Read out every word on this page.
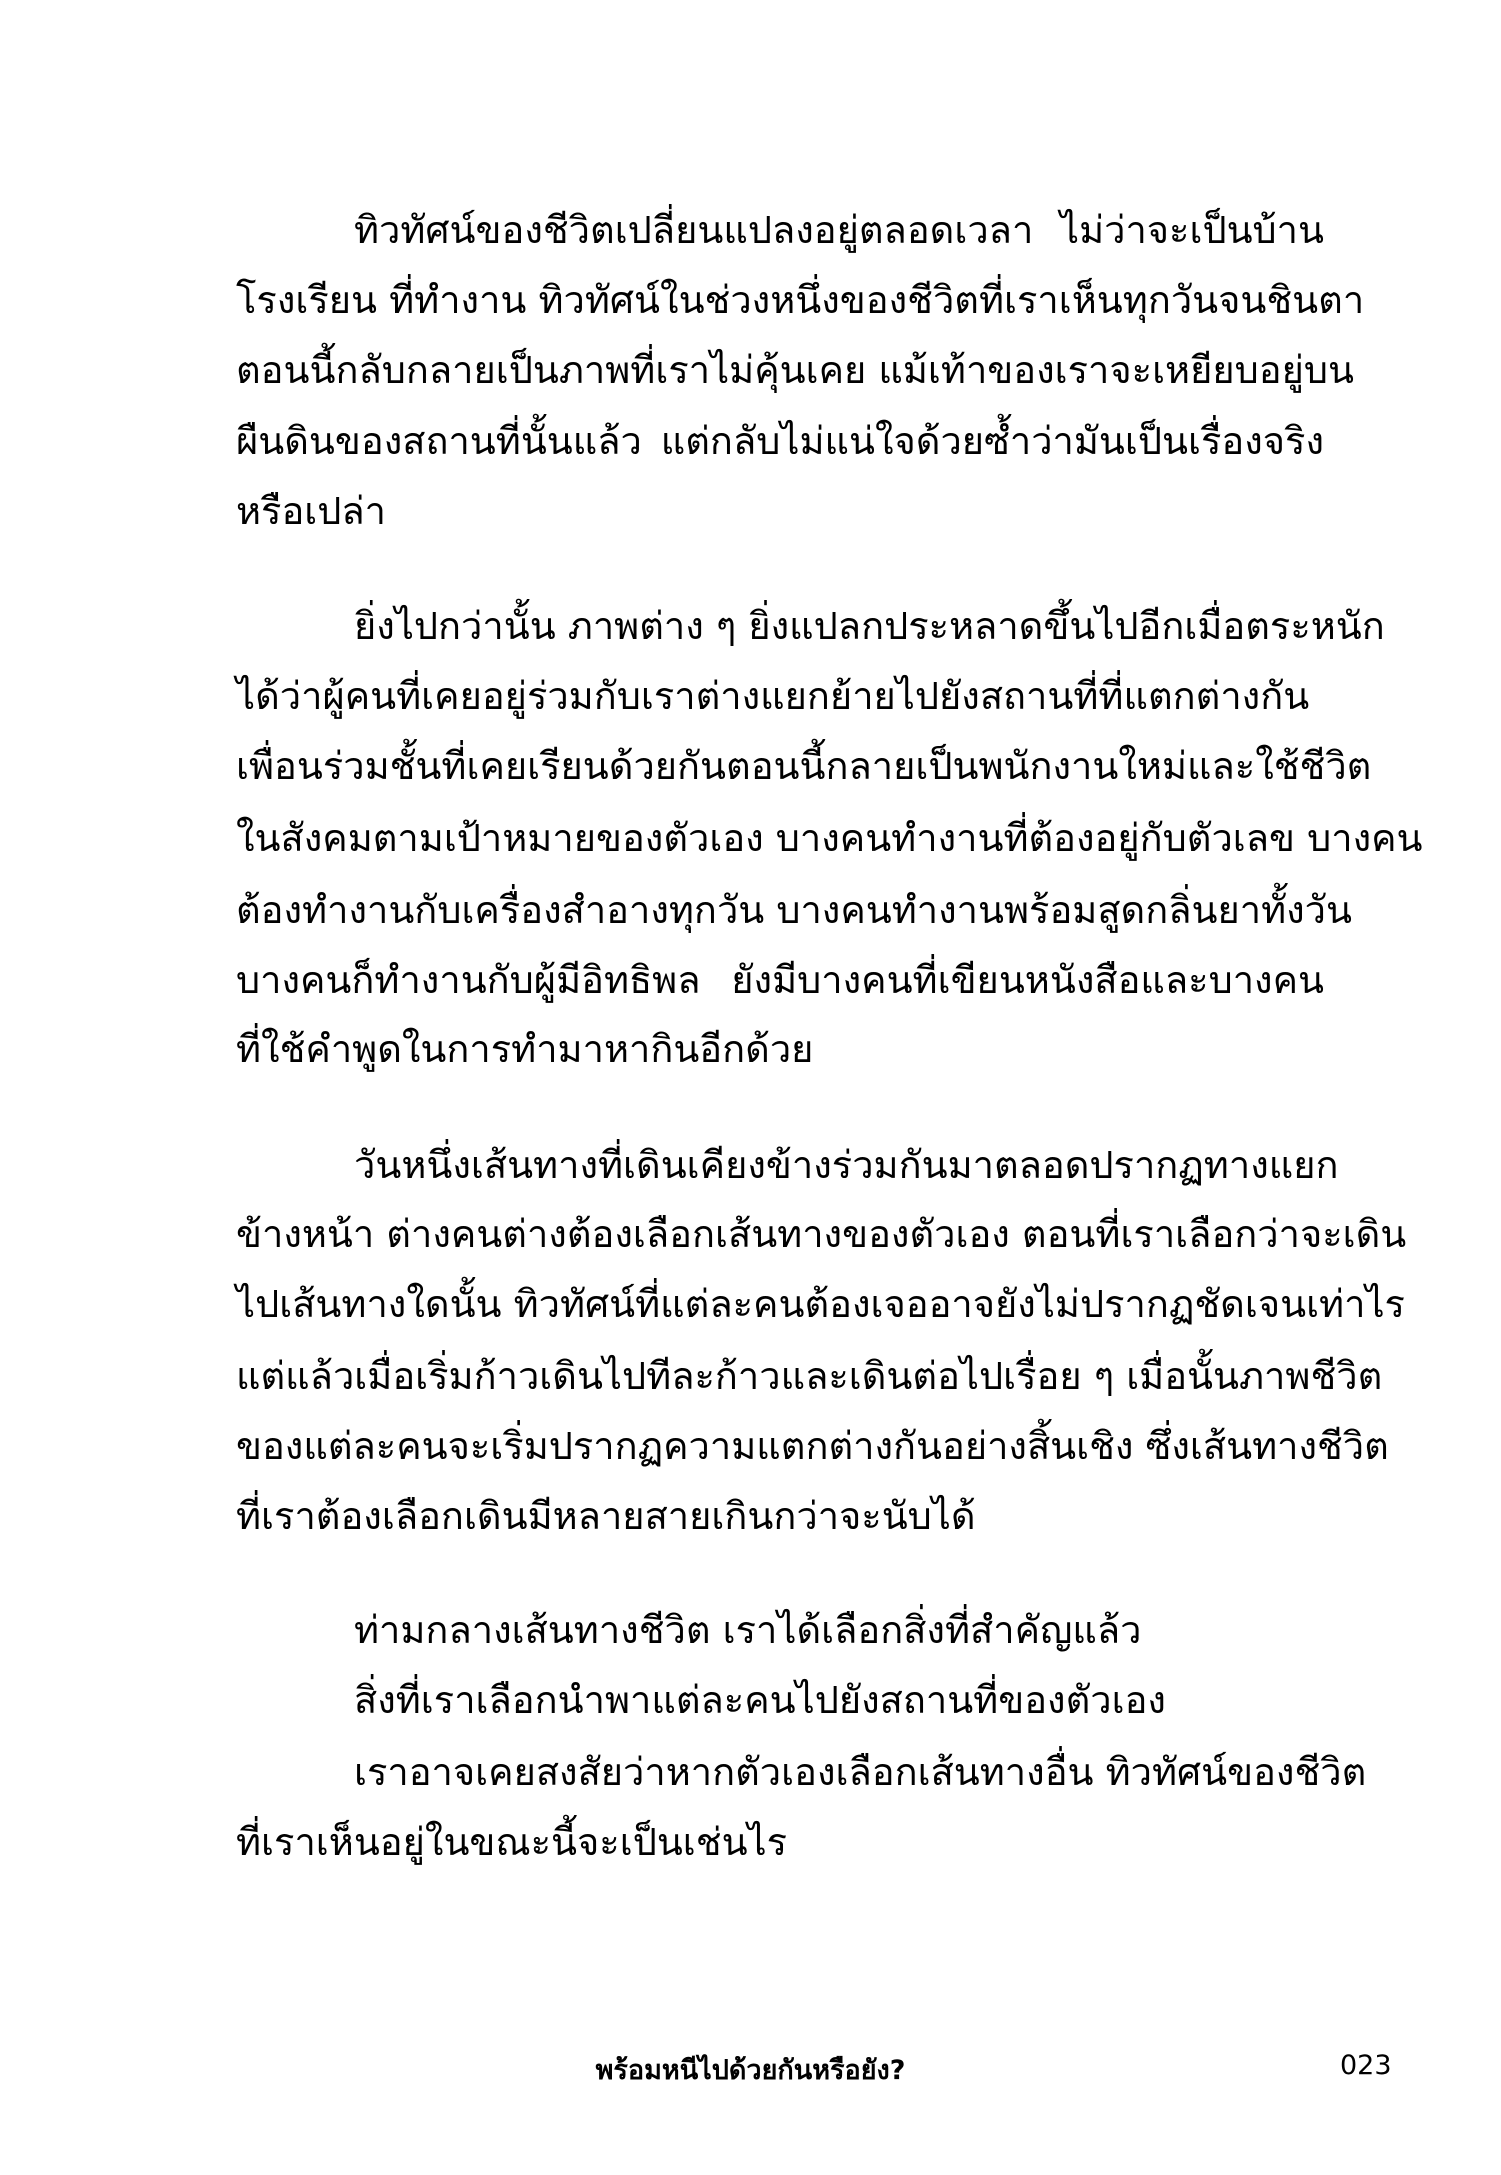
ทิวทัศน์ของชีวิตเปลี่ยนแปลงอยู่ตลอดเวลา ไม่ว่าจะเป็นบ้าน
โรงเรียน ที่ทำงาน ทิวทัศน์ในช่วงหนึ่งของชีวิตที่เราเห็นทุกวันจนชินตา
ตอนนี้กลับกลายเป็นภาพที่เราไม่คุ้นเคย แม้เท้าของเราจะเหยียบอยู่บน
ผืนดินของสถานที่นั้นแล้ว แต่กลับไม่แน่ใจด้วยซ้ำว่ามันเป็นเรื่องจริง
หรือเปล่า
ยิ่งไปกว่านั้น ภาพต่าง ๆ ยิ่งแปลกประหลาดขึ้นไปอีกเมื่อตระหนัก
ได้ว่าผู้คนที่เคยอยู่ร่วมกับเราต่างแยกย้ายไปยังสถานที่ที่แตกต่างกัน
เพื่อนร่วมชั้นที่เคยเรียนด้วยกันตอนนี้กลายเป็นพนักงานใหม่และใช้ชีวิต
ในสังคมตามเป้าหมายของตัวเอง บางคนทำงานที่ต้องอยู่กับตัวเลข บางคน
ต้องทำงานกับเครื่องสำอางทุกวัน บางคนทำงานพร้อมสูดกลิ่นยาทั้งวัน
บางคนก็ทำงานกับผู้มีอิทธิพล ยังมีบางคนที่เขียนหนังสือและบางคน
ที่ใช้คำพูดในการทำมาหากินอีกด้วย
วันหนึ่งเส้นทางที่เดินเคียงข้างร่วมกันมาตลอดปรากฏทางแยก
ข้างหน้า ต่างคนต่างต้องเลือกเส้นทางของตัวเอง ตอนที่เราเลือกว่าจะเดิน
ไปเส้นทางใดนั้น ทิวทัศน์ที่แต่ละคนต้องเจออาจยังไม่ปรากฏชัดเจนเท่าไร
แต่แล้วเมื่อเริ่มก้าวเดินไปทีละก้าวและเดินต่อไปเรื่อย ๆ เมื่อนั้นภาพชีวิต
ของแต่ละคนจะเริ่มปรากฏความแตกต่างกันอย่างสิ้นเชิง ซึ่งเส้นทางชีวิต
ที่เราต้องเลือกเดินมีหลายสายเกินกว่าจะนับได้
ท่ามกลางเส้นทางชีวิต เราได้เลือกสิ่งที่สำคัญแล้ว
สิ่งที่เราเลือกนำพาแต่ละคนไปยังสถานที่ของตัวเอง
เราอาจเคยสงสัยว่าหากตัวเองเลือกเส้นทางอื่น ทิวทัศน์ของชีวิต
ที่เราเห็นอยู่ในขณะนี้จะเป็นเช่นไร
พร้อมหนีไปด้วยกันหรือยัง?	023
